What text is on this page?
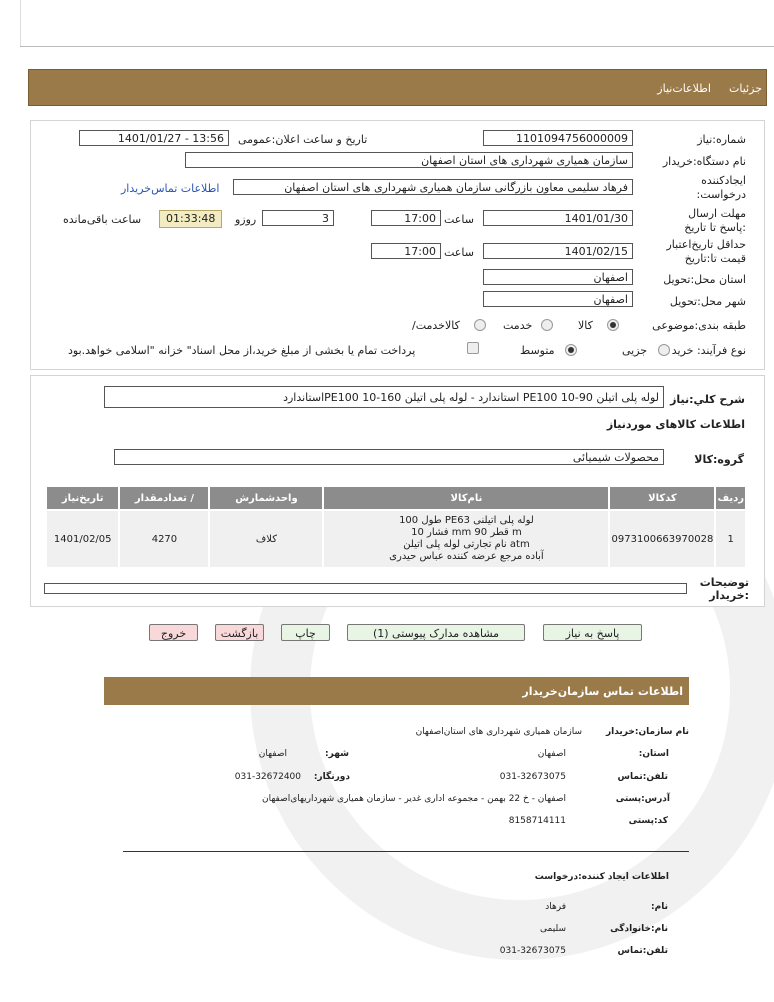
جزئیات
اطلاعات‌نیاز
شماره:نیاز
1101094756000009
تاریخ و ساعت اعلان:عمومی
1401/01/27 - 13:56
نام دستگاه:خریدار
سازمان همیاری شهرداری های استان اصفهان
ایجادکننده درخواست:
فرهاد سلیمی معاون بازرگانی سازمان همیاری شهرداری های استان اصفهان
اطلاعات تماس‌خریدار
مهلت ارسال :پاسخ تا تاریخ
1401/01/30
ساعت
17:00
3
روزو
01:33:48
ساعت باقی‌مانده
حداقل تاریخ‌اعتبار قیمت تا:تاریخ
1401/02/15
ساعت
17:00
استان محل:تحویل
اصفهان
شهر محل:تحویل
اصفهان
طبقه بندی:موضوعی
کالا
خدمت
/کالاخدمت
نوع فرآیند: خرید
جزیی
متوسط
پرداخت تمام یا بخشی از مبلغ خرید،از محل اسناد" خزانه "اسلامی خواهد.بود
شرح کلي:نیاز
لوله پلی اتیلن 90-10 PE100 استاندارد - لوله پلی اتیلن 160-10 PE100استاندارد
اطلاعات کالاهای موردنیاز
گروه:کالا
محصولات شیمیائی
ردیف	کدکالا	نام‌کالا	واحدشمارش	/ تعدادمقدار	تاریخ‌نیاز
1	0973100663970028	لوله پلی اتیلنی PE63 طول 100
m قطر mm 90 فشار 10
atm نام تجارتی لوله پلی اتیلن
آباده مرجع عرضه کننده عباس حیدری	کلاف	4270	1401/02/05
توضیحات :خریدار
پاسخ به نیاز
مشاهده مدارک پیوستی (1)
چاپ
بازگشت
خروج
اطلاعات تماس سازمان‌خریدار
نام سازمان:خریدار
سازمان همیاری شهرداری های استان‌اصفهان
استان:
اصفهان
شهر:
اصفهان
تلفن:تماس
031-32673075
دورنگار:
031-32672400
آدرس:پستی
اصفهان - خ 22 بهمن - مجموعه اداری غدیر - سازمان همیاری شهرداریهای‌اصفهان
کد:پستی
8158714111
اطلاعات ایجاد کننده:درخواست
نام:
فرهاد
نام:خانوادگی
سلیمی
تلفن:تماس
031-32673075
